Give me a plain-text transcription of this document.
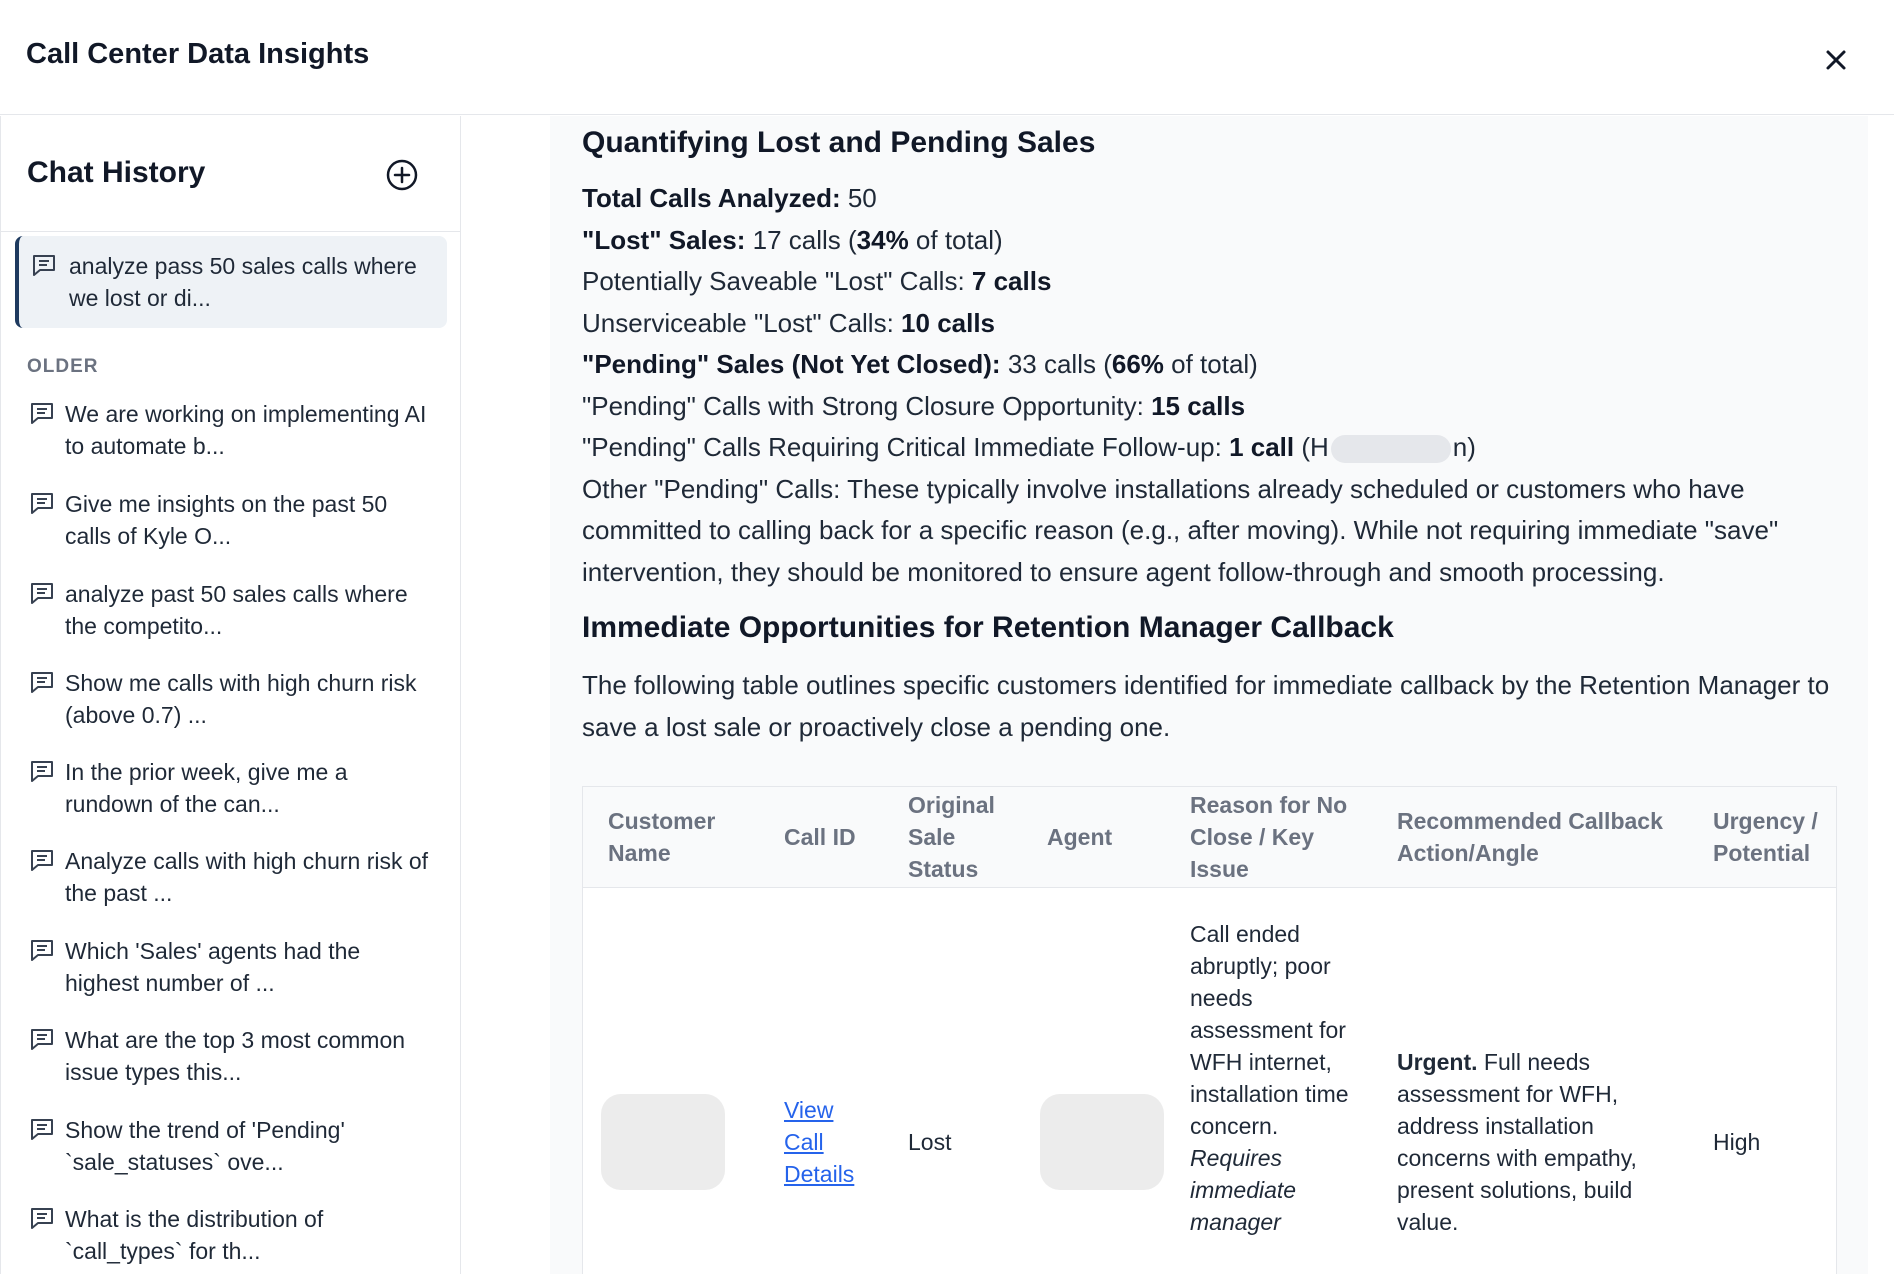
Call Center Data Insights
Chat History
analyze pass 50 sales calls where we lost or di...
OLDER
We are working on implementing AI to automate b...
Give me insights on the past 50 calls of Kyle O...
analyze past 50 sales calls where the competito...
Show me calls with high churn risk (above 0.7) ...
In the prior week, give me a rundown of the can...
Analyze calls with high churn risk of the past ...
Which 'Sales' agents had the highest number of ...
What are the top 3 most common issue types this...
Show the trend of 'Pending' `sale_statuses` ove...
What is the distribution of `call_types` for th...
Quantifying Lost and Pending Sales
Total Calls Analyzed: 50
"Lost" Sales: 17 calls (34% of total)
Potentially Saveable "Lost" Calls: 7 calls
Unserviceable "Lost" Calls: 10 calls
"Pending" Sales (Not Yet Closed): 33 calls (66% of total)
"Pending" Calls with Strong Closure Opportunity: 15 calls
"Pending" Calls Requiring Critical Immediate Follow-up: 1 call (H	n)
Other "Pending" Calls: These typically involve installations already scheduled or customers who have committed to calling back for a specific reason (e.g., after moving). While not requiring immediate "save" intervention, they should be monitored to ensure agent follow-through and smooth processing.
Immediate Opportunities for Retention Manager Callback
The following table outlines specific customers identified for immediate callback by the Retention Manager to save a lost sale or proactively close a pending one.
Customer Name	Call ID	Original Sale Status	Agent	Reason for No Close / Key Issue	Recommended Callback Action/Angle	Urgency / Potential

	View Call Details	Lost		Call ended abruptly; poor needs assessment for WFH internet, installation time concern. Requires immediate manager	Urgent. Full needs assessment for WFH, address installation concerns with empathy, present solutions, build value.	High
